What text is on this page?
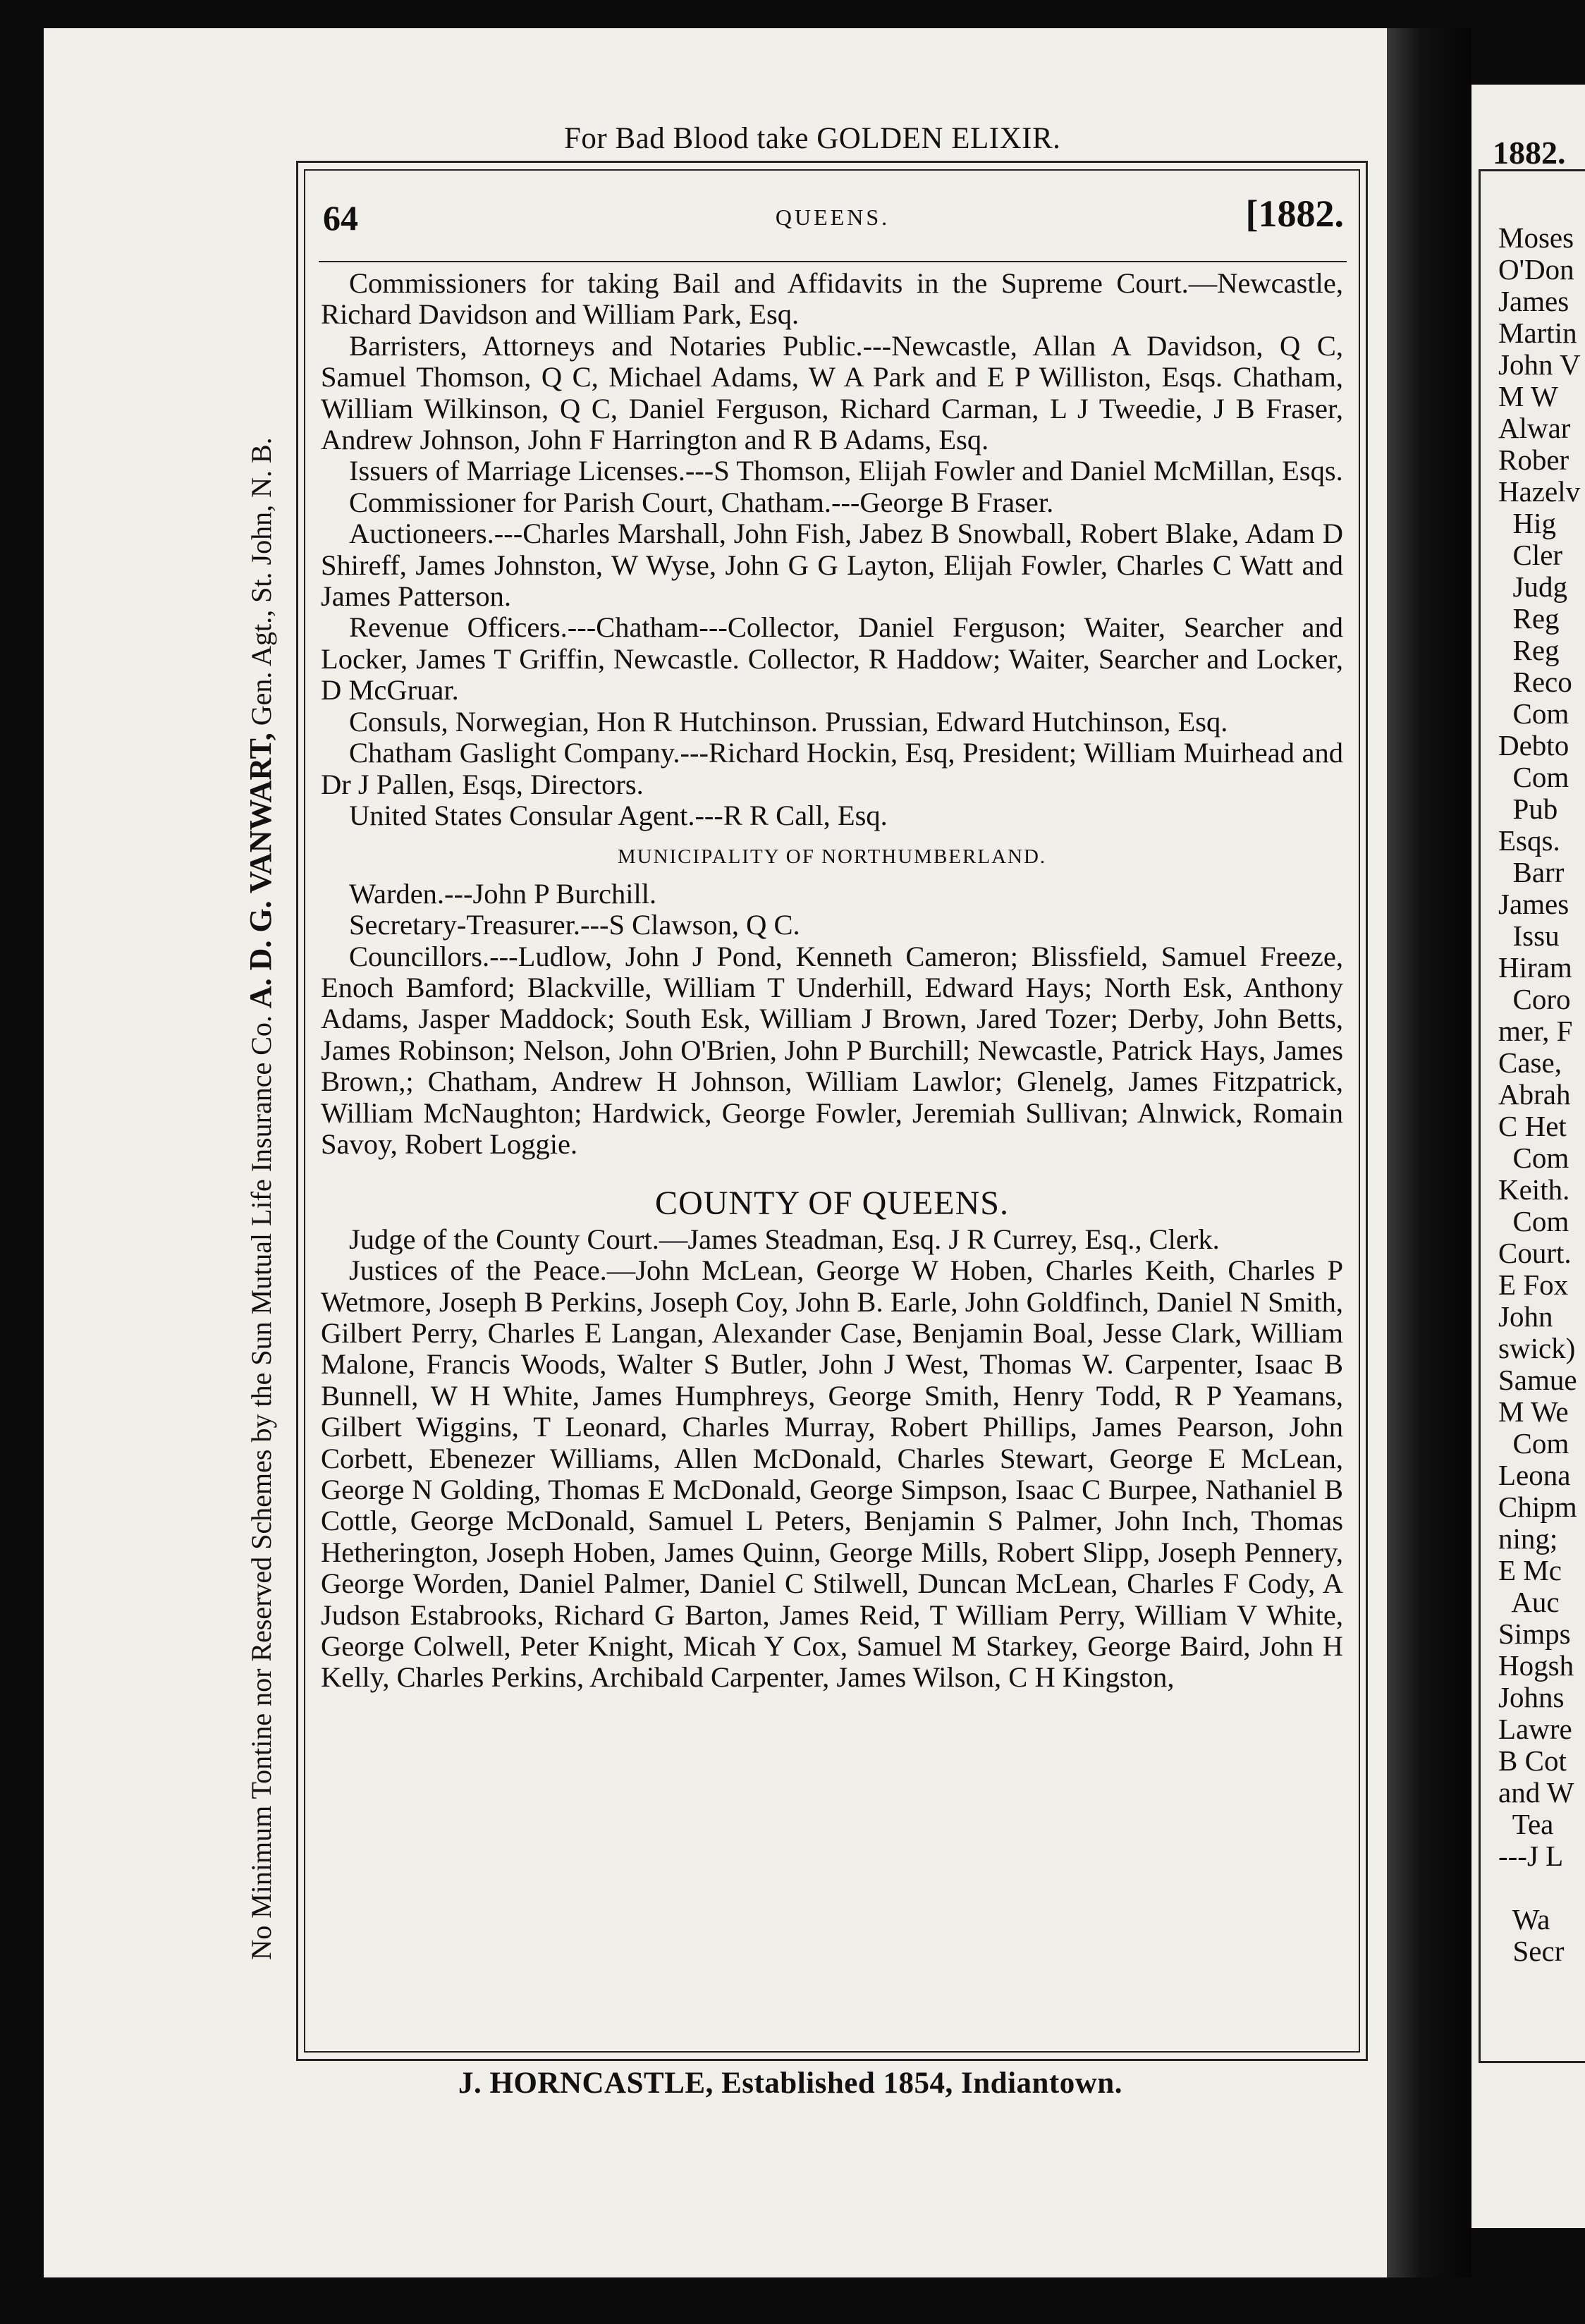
1882.
Moses
O'Don
James
Martin
John V
M W
Alwar
Rober
Hazelv
Hig
Cler
Judg
Reg
Reg
Reco
Com
Debto
Com
Pub
Esqs.
Barr
James
Issu
Hiram
Coro
mer, F
Case,
Abrah
C Het
Com
Keith.
Com
Court.
E Fox
John
swick)
Samue
M We
Com
Leona
Chipm
ning;
E Mc
Auc
Simps
Hogsh
Johns
Lawre
B Cot
and W
Tea
---J L

Wa
Secr
For Bad Blood take GOLDEN ELIXIR.
No Minimum Tontine nor Reserved Schemes by the Sun Mutual Life Insurance Co. A. D. G. VANWART, Gen. Agt., St. John, N. B.
64	QUEENS.	[1882.

Commissioners for taking Bail and Affidavits in the Supreme Court.—Newcastle, Richard Davidson and William Park, Esq.

Barristers, Attorneys and Notaries Public.---Newcastle, Allan A Davidson, Q C, Samuel Thomson, Q C, Michael Adams, W A Park and E P Williston, Esqs. Chatham, William Wilkinson, Q C, Daniel Ferguson, Richard Carman, L J Tweedie, J B Fraser, Andrew Johnson, John F Harrington and R B Adams, Esq.

Issuers of Marriage Licenses.---S Thomson, Elijah Fowler and Daniel McMillan, Esqs.

Commissioner for Parish Court, Chatham.---George B Fraser.

Auctioneers.---Charles Marshall, John Fish, Jabez B Snowball, Robert Blake, Adam D Shireff, James Johnston, W Wyse, John G G Layton, Elijah Fowler, Charles C Watt and James Patterson.

Revenue Officers.---Chatham---Collector, Daniel Ferguson; Waiter, Searcher and Locker, James T Griffin, Newcastle. Collector, R Haddow; Waiter, Searcher and Locker, D McGruar.

Consuls, Norwegian, Hon R Hutchinson. Prussian, Edward Hutchinson, Esq.

Chatham Gaslight Company.---Richard Hockin, Esq, President; William Muirhead and Dr J Pallen, Esqs, Directors.

United States Consular Agent.---R R Call, Esq.

MUNICIPALITY OF NORTHUMBERLAND.

Warden.---John P Burchill.

Secretary-Treasurer.---S Clawson, Q C.

Councillors.---Ludlow, John J Pond, Kenneth Cameron; Blissfield, Samuel Freeze, Enoch Bamford; Blackville, William T Underhill, Edward Hays; North Esk, Anthony Adams, Jasper Maddock; South Esk, William J Brown, Jared Tozer; Derby, John Betts, James Robinson; Nelson, John O'Brien, John P Burchill; Newcastle, Patrick Hays, James Brown,; Chatham, Andrew H Johnson, William Lawlor; Glenelg, James Fitzpatrick, William McNaughton; Hardwick, George Fowler, Jeremiah Sullivan; Alnwick, Romain Savoy, Robert Loggie.

COUNTY OF QUEENS.

Judge of the County Court.—James Steadman, Esq. J R Currey, Esq., Clerk.

Justices of the Peace.—John McLean, George W Hoben, Charles Keith, Charles P Wetmore, Joseph B Perkins, Joseph Coy, John B. Earle, John Goldfinch, Daniel N Smith, Gilbert Perry, Charles E Langan, Alexander Case, Benjamin Boal, Jesse Clark, William Malone, Francis Woods, Walter S Butler, John J West, Thomas W. Carpenter, Isaac B Bunnell, W H White, James Humphreys, George Smith, Henry Todd, R P Yeamans, Gilbert Wiggins, T Leonard, Charles Murray, Robert Phillips, James Pearson, John Corbett, Ebenezer Williams, Allen McDonald, Charles Stewart, George E McLean, George N Golding, Thomas E McDonald, George Simpson, Isaac C Burpee, Nathaniel B Cottle, George McDonald, Samuel L Peters, Benjamin S Palmer, John Inch, Thomas Hetherington, Joseph Hoben, James Quinn, George Mills, Robert Slipp, Joseph Pennery, George Worden, Daniel Palmer, Daniel C Stilwell, Duncan McLean, Charles F Cody, A Judson Estabrooks, Richard G Barton, James Reid, T William Perry, William V White, George Colwell, Peter Knight, Micah Y Cox, Samuel M Starkey, George Baird, John H Kelly, Charles Perkins, Archibald Carpenter, James Wilson, C H Kingston,

J. HORNCASTLE, Established 1854, Indiantown.
